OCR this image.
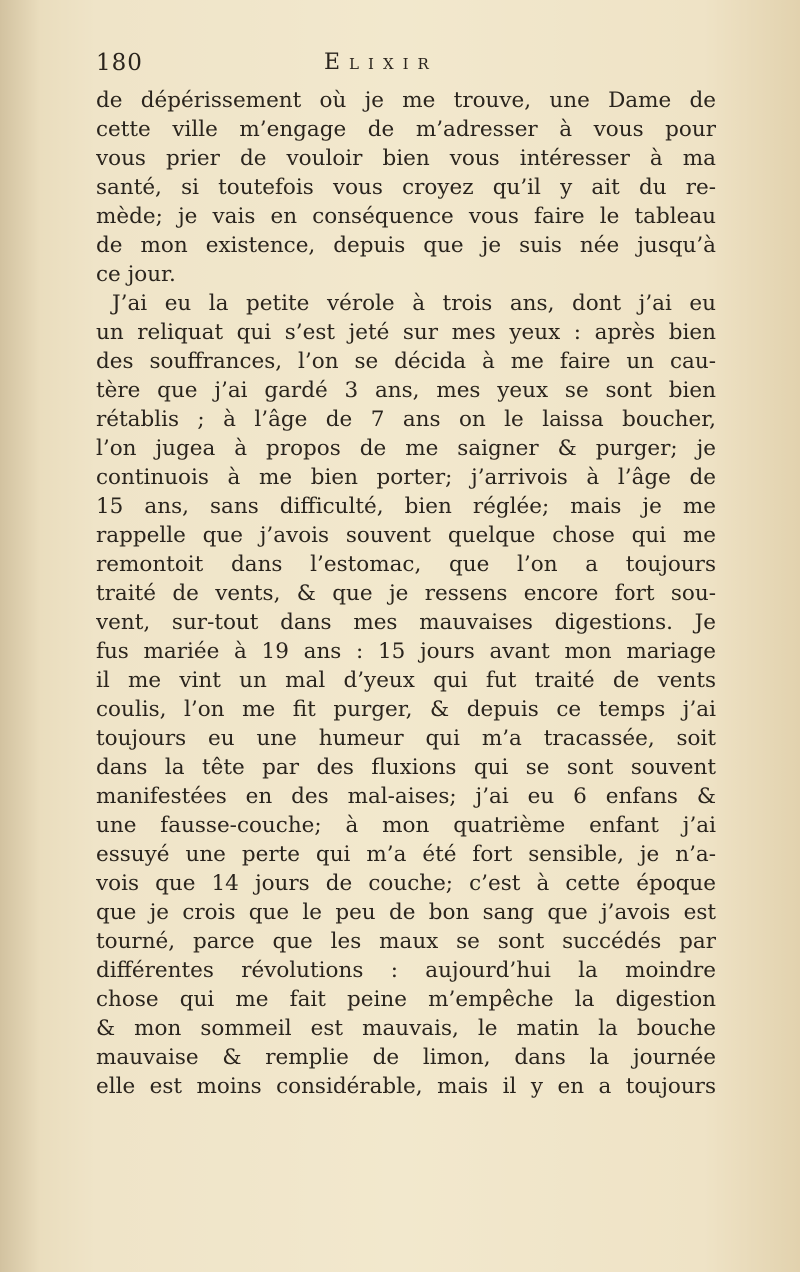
180	Elixir
de dépérissement où je me trouve, une Dame de
cette ville m’engage de m’adresser à vous pour
vous prier de vouloir bien vous intéresser à ma
santé, si toutefois vous croyez qu’il y ait du re-
mède; je vais en conséquence vous faire le tableau
de mon existence, depuis que je suis née jusqu’à
ce jour.
J’ai eu la petite vérole à trois ans, dont j’ai eu
un reliquat qui s’est jeté sur mes yeux : après bien
des souffrances, l’on se décida à me faire un cau-
tère que j’ai gardé 3 ans, mes yeux se sont bien
rétablis ; à l’âge de 7 ans on le laissa boucher,
l’on jugea à propos de me saigner & purger; je
continuois à me bien porter; j’arrivois à l’âge de
15 ans, sans difficulté, bien réglée; mais je me
rappelle que j’avois souvent quelque chose qui me
remontoit dans l’estomac, que l’on a toujours
traité de vents, & que je ressens encore fort sou-
vent, sur-tout dans mes mauvaises digestions. Je
fus mariée à 19 ans : 15 jours avant mon mariage
il me vint un mal d’yeux qui fut traité de vents
coulis, l’on me fit purger, & depuis ce temps j’ai
toujours eu une humeur qui m’a tracassée, soit
dans la tête par des fluxions qui se sont souvent
manifestées en des mal-aises; j’ai eu 6 enfans &
une fausse-couche; à mon quatrième enfant j’ai
essuyé une perte qui m’a été fort sensible, je n’a-
vois que 14 jours de couche; c’est à cette époque
que je crois que le peu de bon sang que j’avois est
tourné, parce que les maux se sont succédés par
différentes révolutions : aujourd’hui la moindre
chose qui me fait peine m’empêche la digestion
& mon sommeil est mauvais, le matin la bouche
mauvaise & remplie de limon, dans la journée
elle est moins considérable, mais il y en a toujours
